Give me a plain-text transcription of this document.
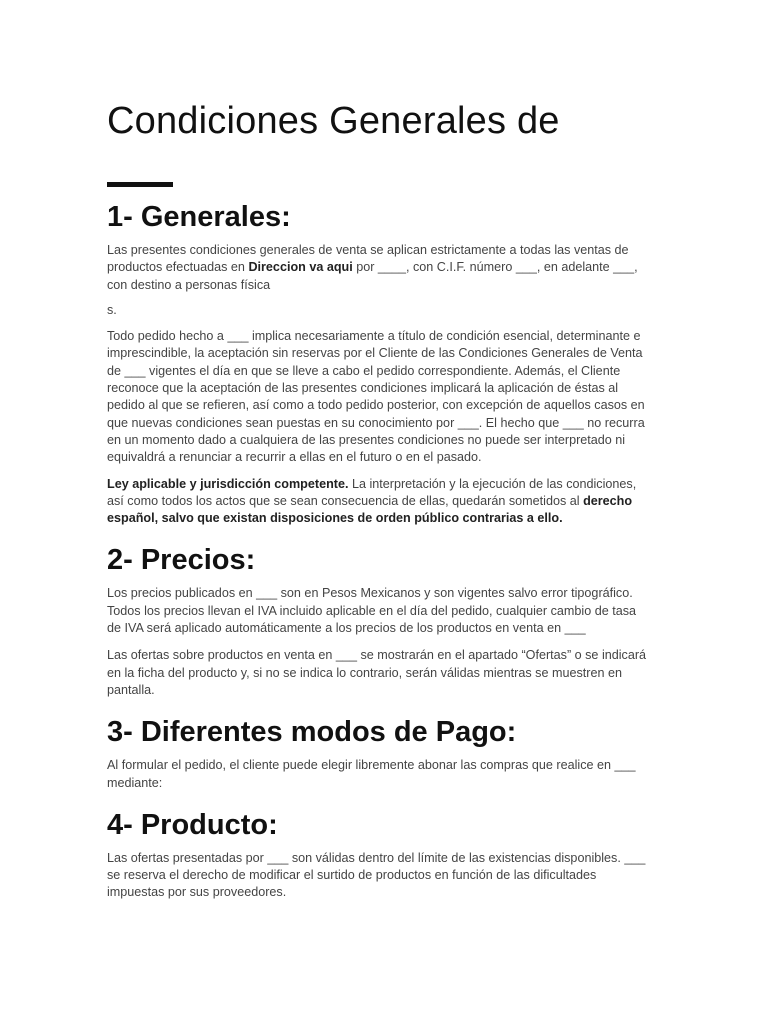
Condiciones Generales de
1- Generales:

Las presentes condiciones generales de venta se aplican estrictamente a todas las ventas de productos efectuadas en Direccion va aqui por ____, con C.I.F. número ___, en adelante ___, con destino a personas física

s.

Todo pedido hecho a ___ implica necesariamente a título de condición esencial, determinante e imprescindible, la aceptación sin reservas por el Cliente de las Condiciones Generales de Venta de ___ vigentes el día en que se lleve a cabo el pedido correspondiente. Además, el Cliente reconoce que la aceptación de las presentes condiciones implicará la aplicación de éstas al pedido al que se refieren, así como a todo pedido posterior, con excepción de aquellos casos en que nuevas condiciones sean puestas en su conocimiento por ___. El hecho que ___ no recurra en un momento dado a cualquiera de las presentes condiciones no puede ser interpretado ni equivaldrá a renunciar a recurrir a ellas en el futuro o en el pasado.

Ley aplicable y jurisdicción competente. La interpretación y la ejecución de las condiciones, así como todos los actos que se sean consecuencia de ellas, quedarán sometidos al derecho español, salvo que existan disposiciones de orden público contrarias a ello.

2- Precios:

Los precios publicados en ___ son en Pesos Mexicanos y son vigentes salvo error tipográfico. Todos los precios llevan el IVA incluido aplicable en el día del pedido, cualquier cambio de tasa de IVA será aplicado automáticamente a los precios de los productos en venta en ___

Las ofertas sobre productos en venta en ___ se mostrarán en el apartado “Ofertas” o se indicará en la ficha del producto y, si no se indica lo contrario, serán válidas mientras se muestren en pantalla.

3- Diferentes modos de Pago:

Al formular el pedido, el cliente puede elegir libremente abonar las compras que realice en ___ mediante:

4- Producto:

Las ofertas presentadas por ___ son válidas dentro del límite de las existencias disponibles. ___ se reserva el derecho de modificar el surtido de productos en función de las dificultades impuestas por sus proveedores.
